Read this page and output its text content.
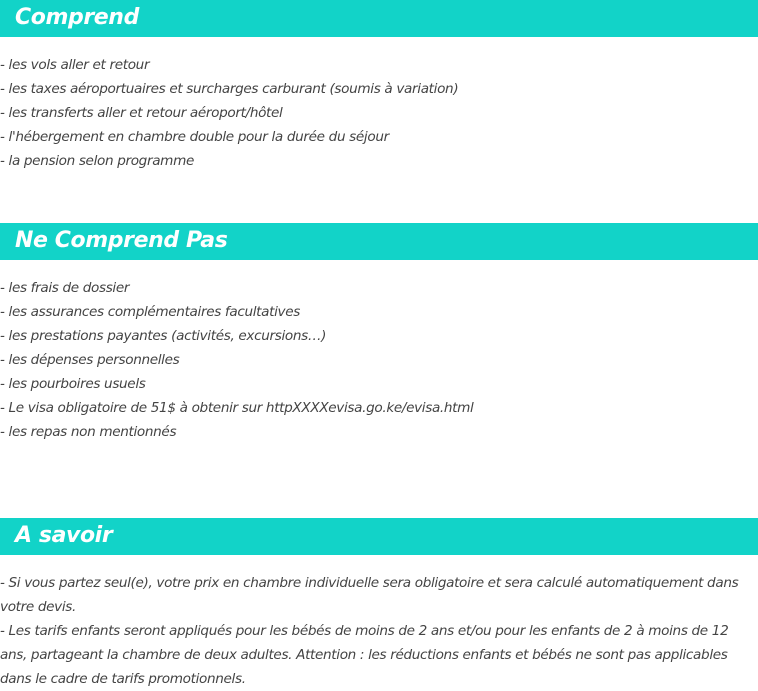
Comprend
- les vols aller et retour
- les taxes aéroportuaires et surcharges carburant (soumis à variation)
- les transferts aller et retour aéroport/hôtel
- l'hébergement en chambre double pour la durée du séjour
- la pension selon programme
Ne Comprend Pas
- les frais de dossier
- les assurances complémentaires facultatives
- les prestations payantes (activités, excursions…)
- les dépenses personnelles
- les pourboires usuels
- Le visa obligatoire de 51$ à obtenir sur httpXXXXevisa.go.ke/evisa.html
- les repas non mentionnés
A savoir
- Si vous partez seul(e), votre prix en chambre individuelle sera obligatoire et sera calculé automatiquement dans votre devis.
- Les tarifs enfants seront appliqués pour les bébés de moins de 2 ans et/ou pour les enfants de 2 à moins de 12 ans, partageant la chambre de deux adultes. Attention : les réductions enfants et bébés ne sont pas applicables dans le cadre de tarifs promotionnels.
